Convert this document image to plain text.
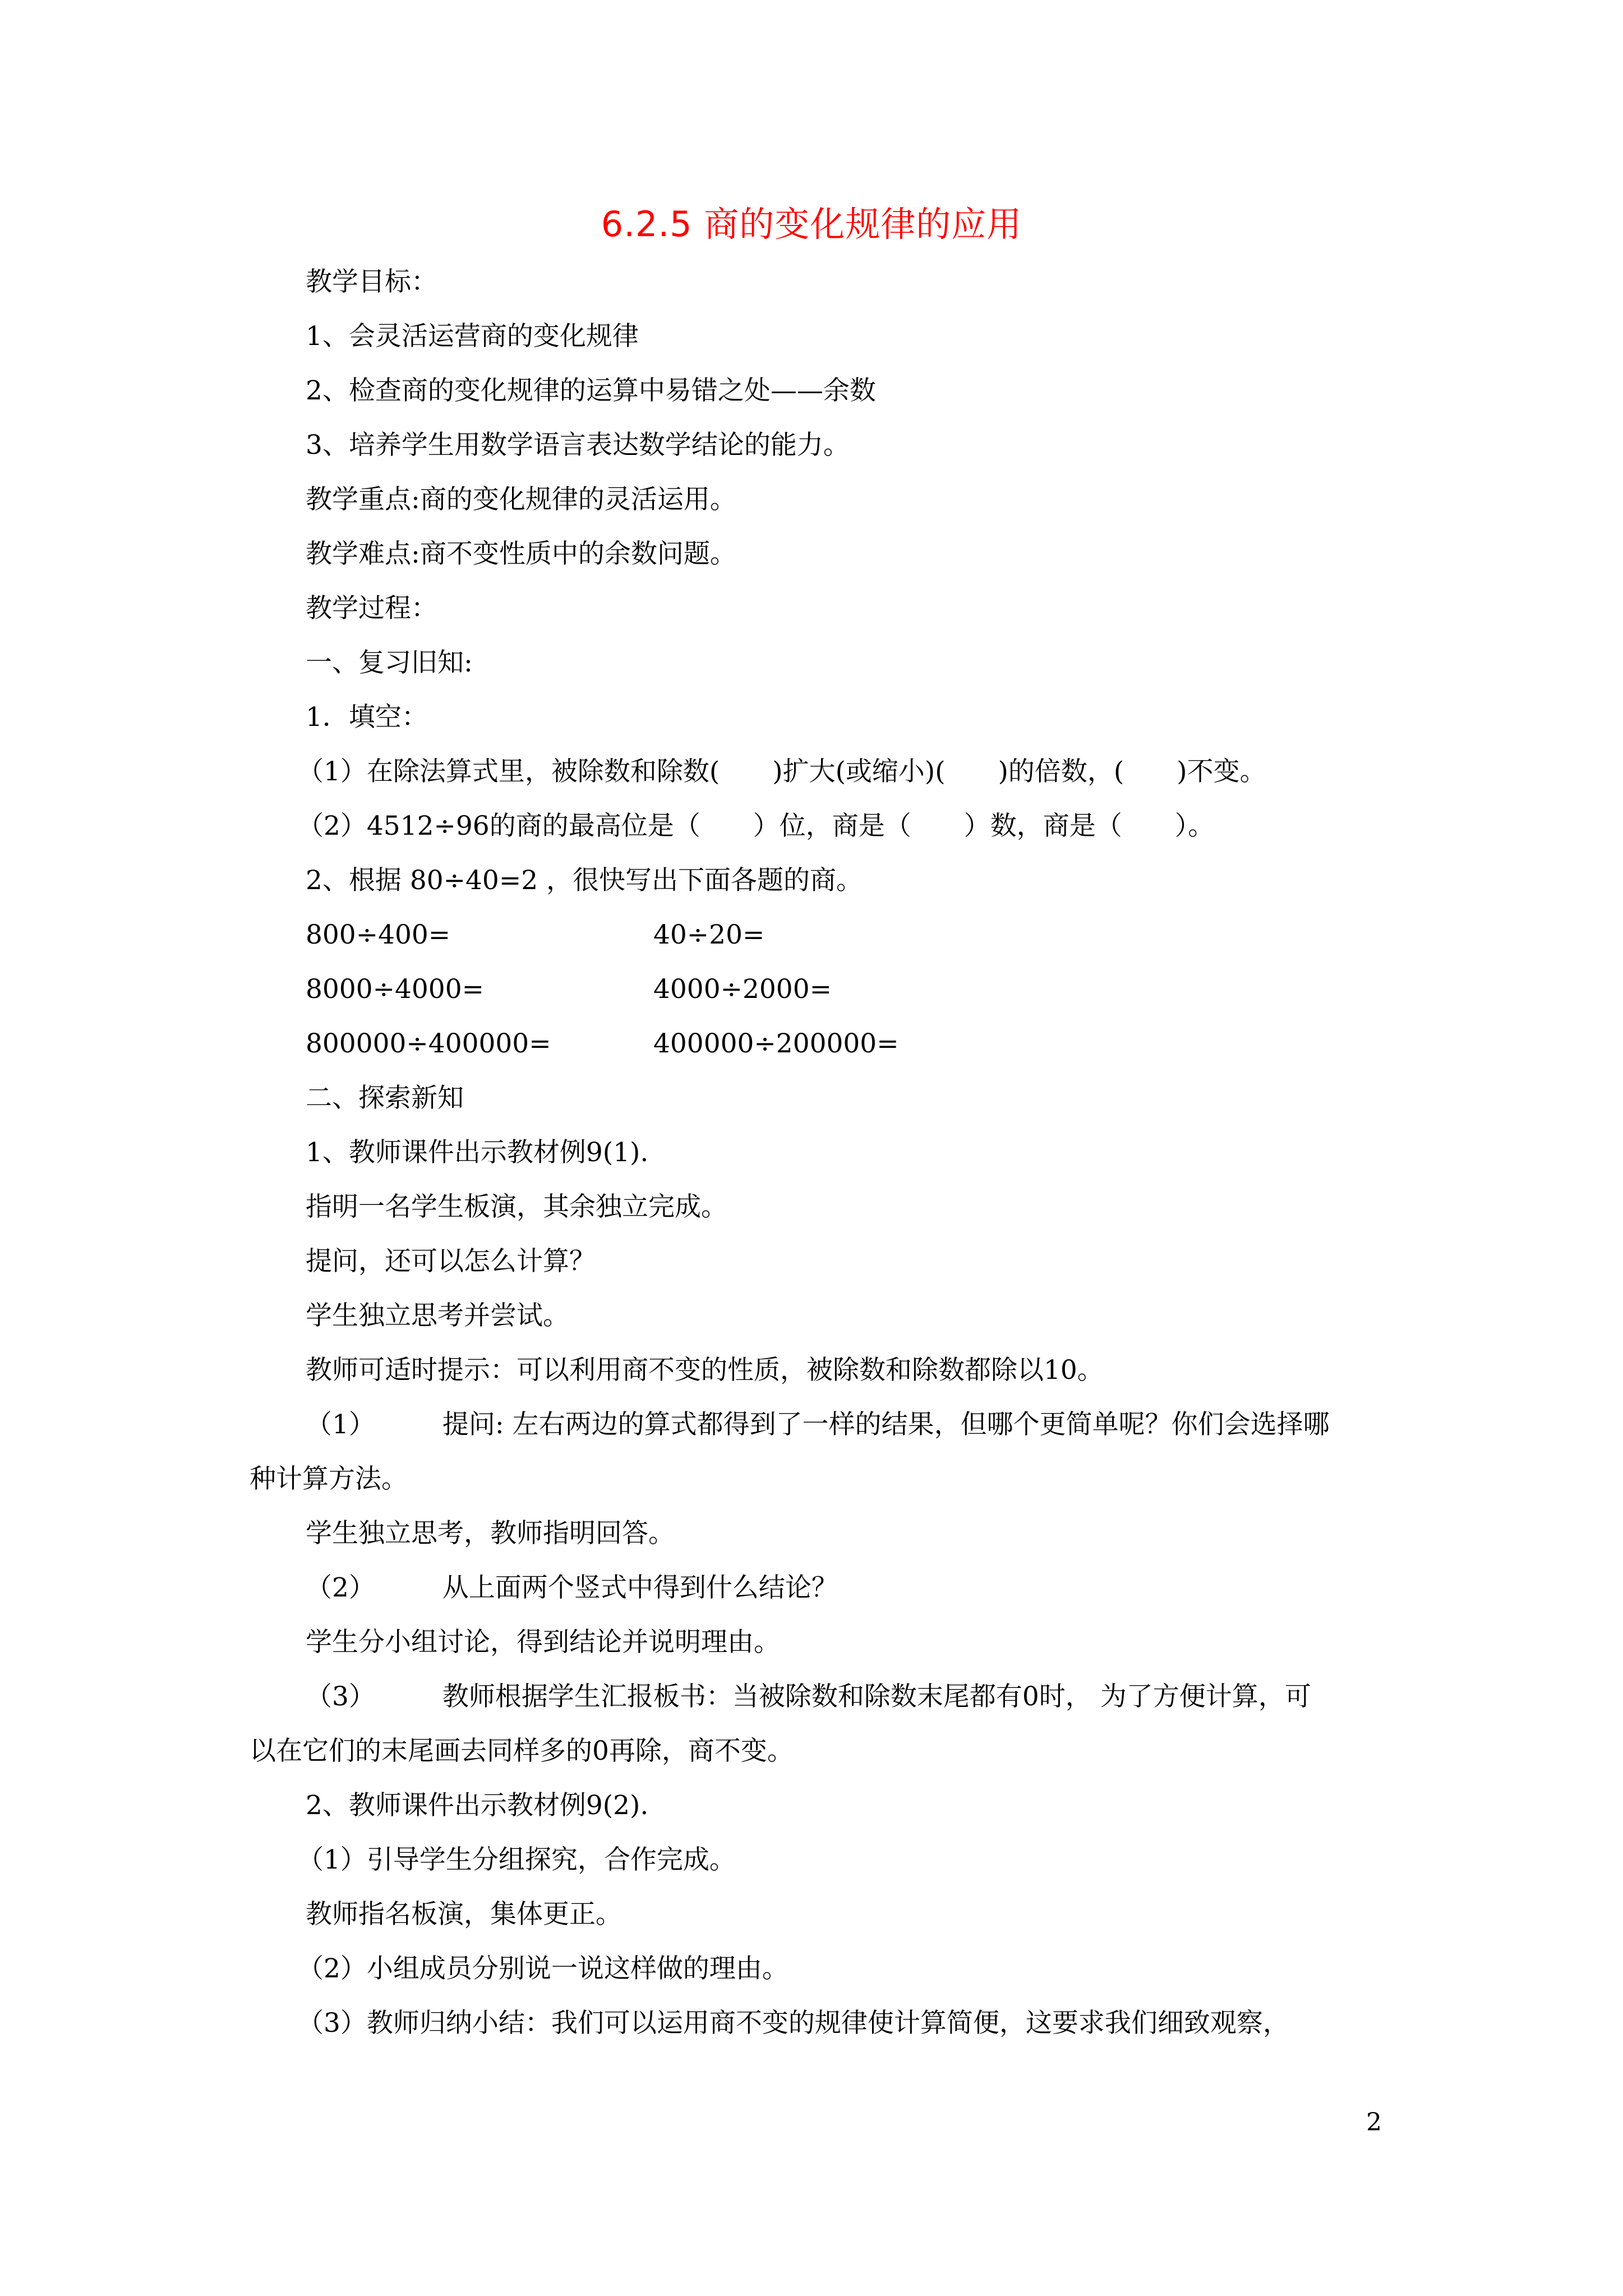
6.2.5 商的变化规律的应用
教学目标：
1、会灵活运营商的变化规律
2、检查商的变化规律的运算中易错之处——余数
3、培养学生用数学语言表达数学结论的能力。
教学重点:商的变化规律的灵活运用。
教学难点:商不变性质中的余数问题。
教学过程：
一、复习旧知:
1．填空：
（1）在除法算式里，被除数和除数(　　)扩大(或缩小)(　　)的倍数，(　　)不变。
（2）4512÷96的商的最高位是（　　）位，商是（　　）数，商是（　　）。
2、根据 80÷40=2 ，很快写出下面各题的商。
800÷400=	40÷20=
8000÷4000=	4000÷2000=
800000÷400000=	400000÷200000=
二、探索新知
1、教师课件出示教材例9(1).
指明一名学生板演，其余独立完成。
提问，还可以怎么计算？
学生独立思考并尝试。
教师可适时提示：可以利用商不变的性质，被除数和除数都除以10。
（1）	提问: 左右两边的算式都得到了一样的结果，但哪个更简单呢？你们会选择哪
种计算方法。
学生独立思考，教师指明回答。
（2）	从上面两个竖式中得到什么结论？
学生分小组讨论，得到结论并说明理由。
（3）	教师根据学生汇报板书：当被除数和除数末尾都有0时， 为了方便计算，可
以在它们的末尾画去同样多的0再除，商不变。
2、教师课件出示教材例9(2).
（1）引导学生分组探究，合作完成。
教师指名板演，集体更正。
（2）小组成员分别说一说这样做的理由。
（3）教师归纳小结：我们可以运用商不变的规律使计算简便，这要求我们细致观察，
2
